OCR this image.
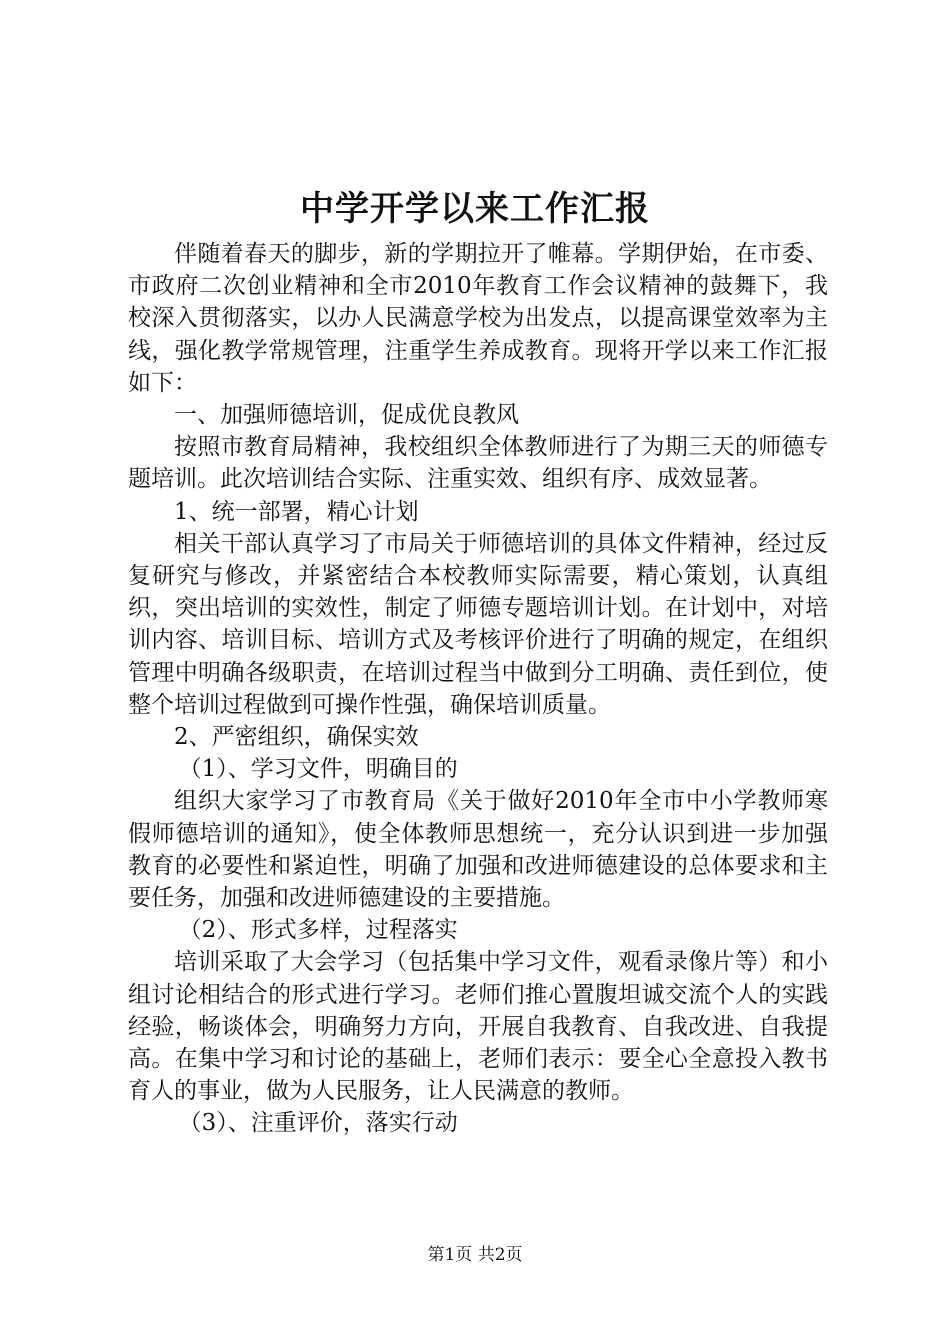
中学开学以来工作汇报

伴随着春天的脚步，新的学期拉开了帷幕。学期伊始，在市委、市政府二次创业精神和全市2010年教育工作会议精神的鼓舞下，我校深入贯彻落实，以办人民满意学校为出发点，以提高课堂效率为主线，强化教学常规管理，注重学生养成教育。现将开学以来工作汇报如下：

一、加强师德培训，促成优良教风

按照市教育局精神，我校组织全体教师进行了为期三天的师德专题培训。此次培训结合实际、注重实效、组织有序、成效显著。

1、统一部署，精心计划

相关干部认真学习了市局关于师德培训的具体文件精神，经过反复研究与修改，并紧密结合本校教师实际需要，精心策划，认真组织，突出培训的实效性，制定了师德专题培训计划。在计划中，对培训内容、培训目标、培训方式及考核评价进行了明确的规定，在组织管理中明确各级职责，在培训过程当中做到分工明确、责任到位，使整个培训过程做到可操作性强，确保培训质量。

2、严密组织，确保实效

（1）、学习文件，明确目的

组织大家学习了市教育局《关于做好2010年全市中小学教师寒假师德培训的通知》，使全体教师思想统一，充分认识到进一步加强教育的必要性和紧迫性，明确了加强和改进师德建设的总体要求和主要任务，加强和改进师德建设的主要措施。

（2）、形式多样，过程落实

培训采取了大会学习（包括集中学习文件，观看录像片等）和小组讨论相结合的形式进行学习。老师们推心置腹坦诚交流个人的实践经验，畅谈体会，明确努力方向，开展自我教育、自我改进、自我提高。在集中学习和讨论的基础上，老师们表示：要全心全意投入教书育人的事业，做为人民服务，让人民满意的教师。

（3）、注重评价，落实行动

第1页 共2页
